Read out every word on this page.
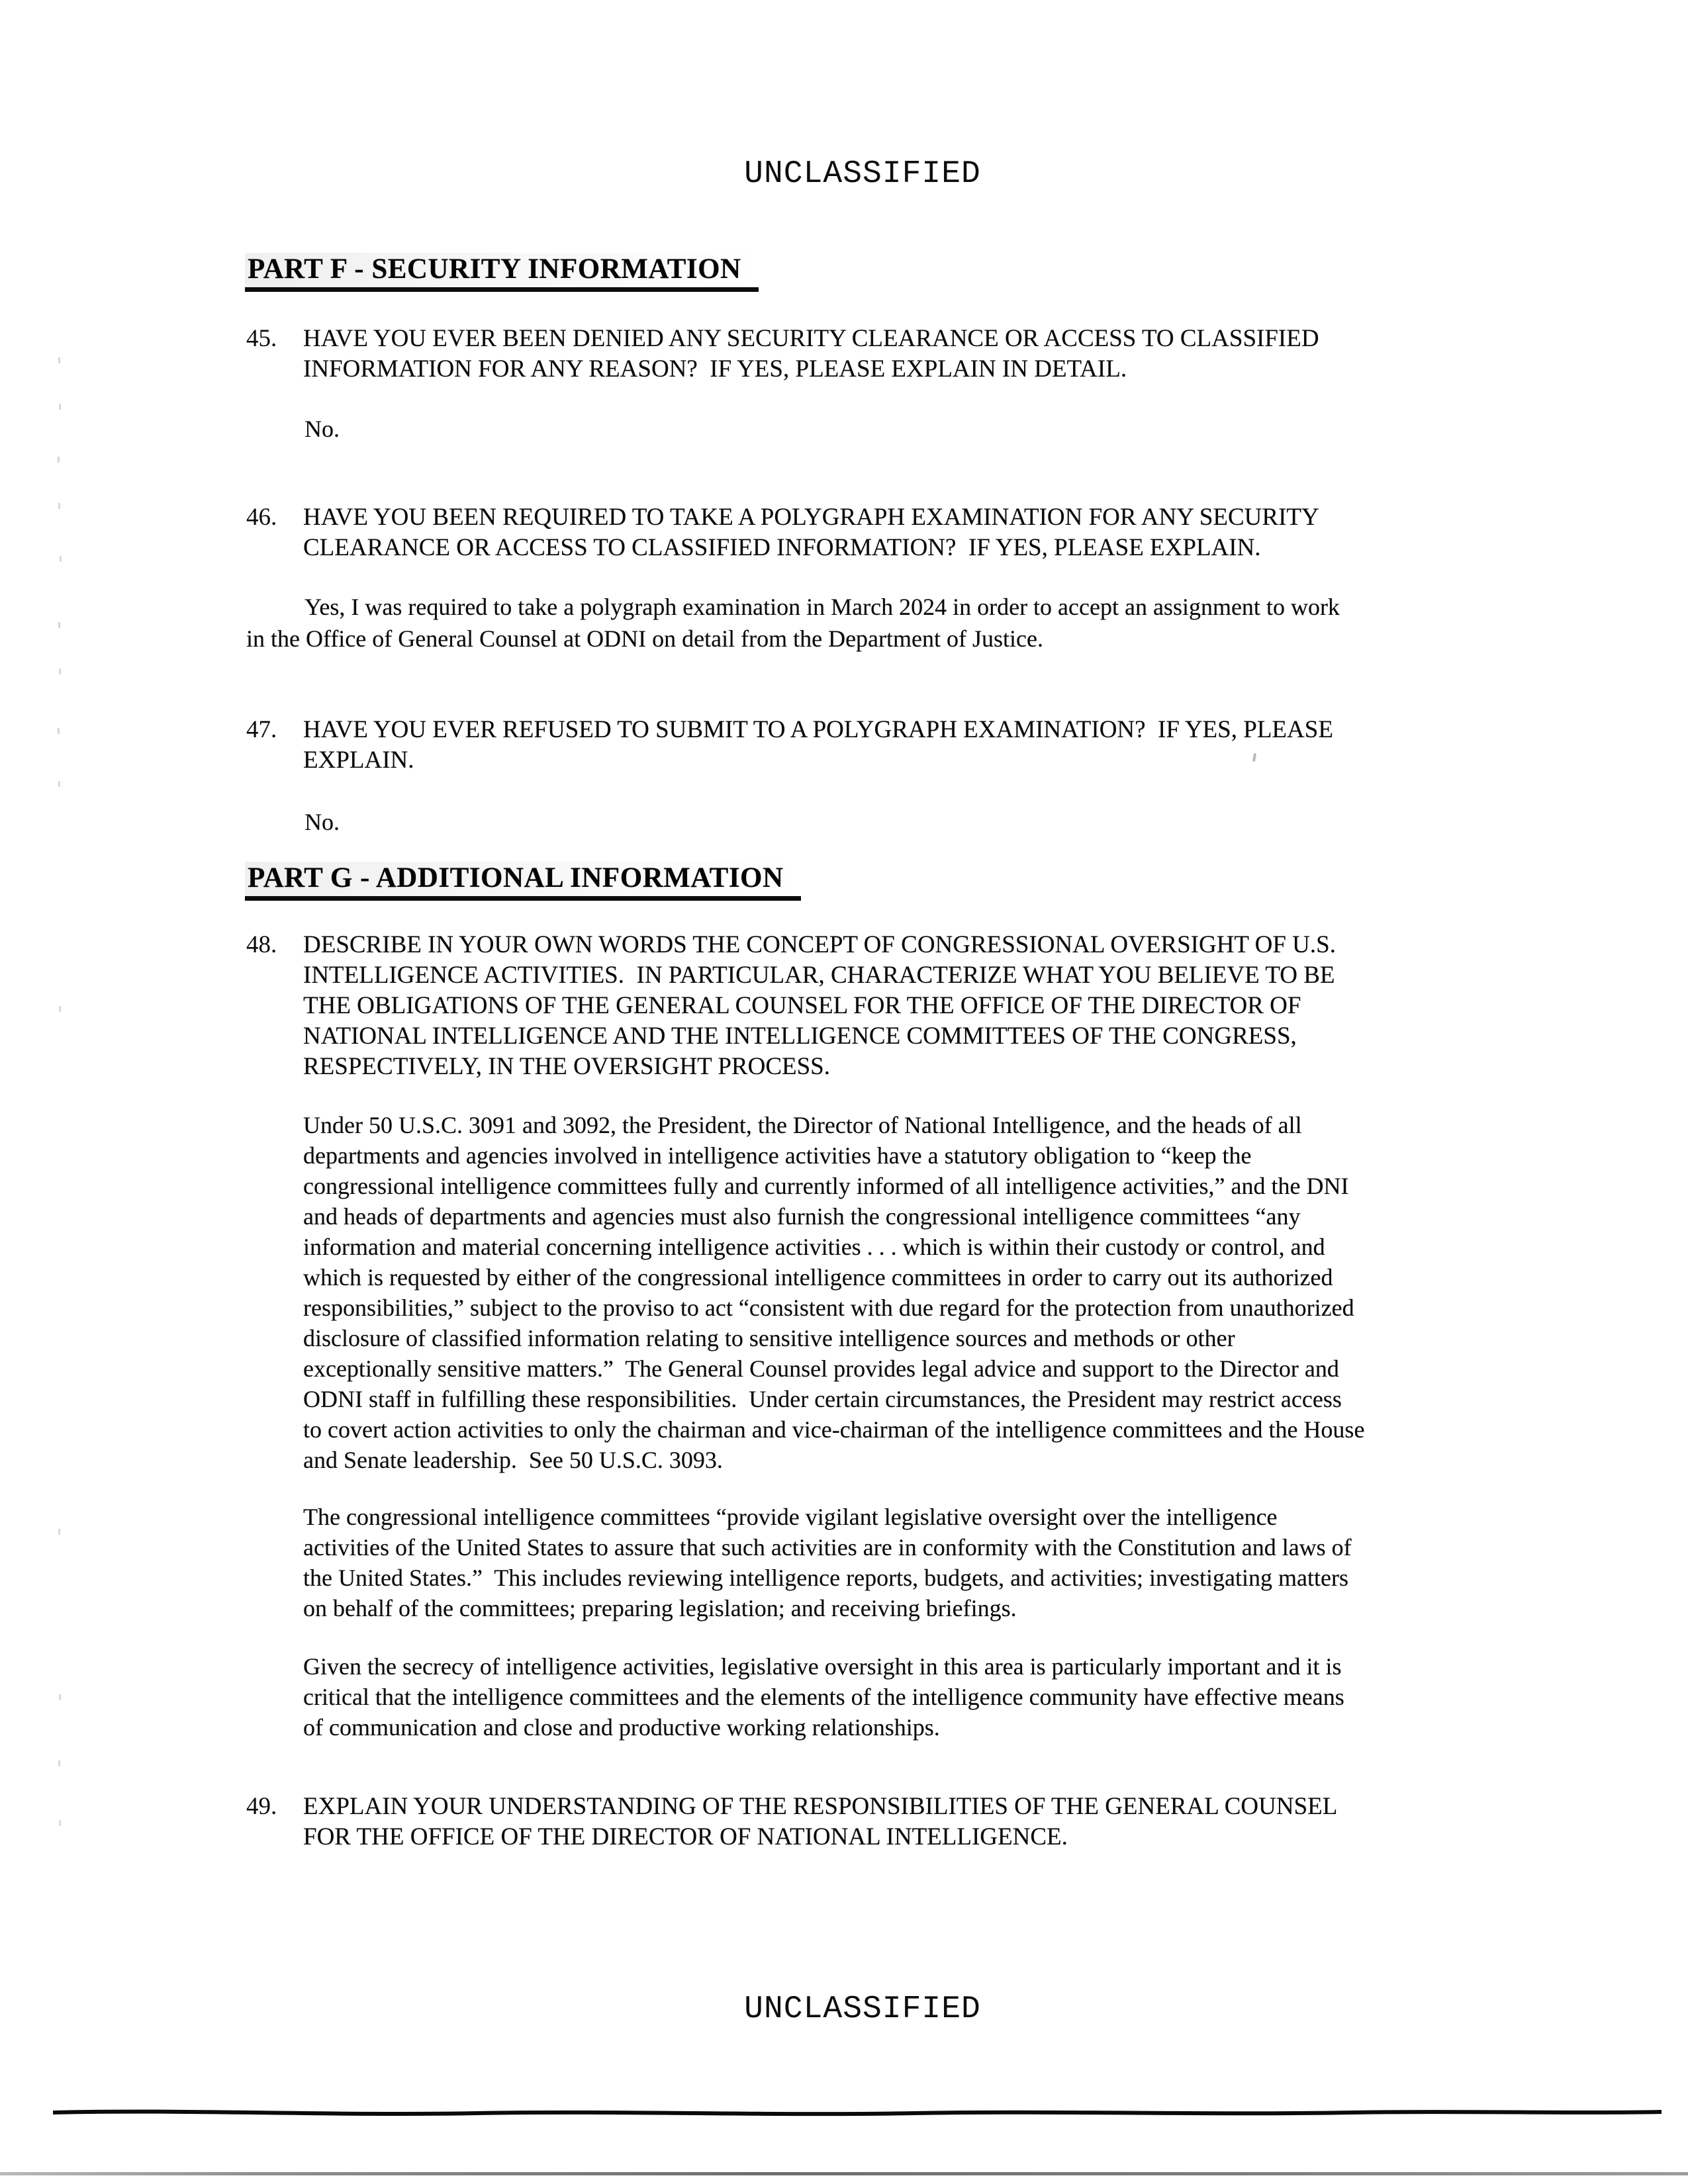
UNCLASSIFIED
PART F - SECURITY INFORMATION
45.	HAVE YOU EVER BEEN DENIED ANY SECURITY CLEARANCE OR ACCESS TO CLASSIFIED
INFORMATION FOR ANY REASON?  IF YES, PLEASE EXPLAIN IN DETAIL.
No.
46.	HAVE YOU BEEN REQUIRED TO TAKE A POLYGRAPH EXAMINATION FOR ANY SECURITY
CLEARANCE OR ACCESS TO CLASSIFIED INFORMATION?  IF YES, PLEASE EXPLAIN.
Yes, I was required to take a polygraph examination in March 2024 in order to accept an assignment to work
in the Office of General Counsel at ODNI on detail from the Department of Justice.
47.	HAVE YOU EVER REFUSED TO SUBMIT TO A POLYGRAPH EXAMINATION?  IF YES, PLEASE
EXPLAIN.
No.
PART G - ADDITIONAL INFORMATION
48.	DESCRIBE IN YOUR OWN WORDS THE CONCEPT OF CONGRESSIONAL OVERSIGHT OF U.S.
INTELLIGENCE ACTIVITIES.  IN PARTICULAR, CHARACTERIZE WHAT YOU BELIEVE TO BE
THE OBLIGATIONS OF THE GENERAL COUNSEL FOR THE OFFICE OF THE DIRECTOR OF
NATIONAL INTELLIGENCE AND THE INTELLIGENCE COMMITTEES OF THE CONGRESS,
RESPECTIVELY, IN THE OVERSIGHT PROCESS.
Under 50 U.S.C. 3091 and 3092, the President, the Director of National Intelligence, and the heads of all
departments and agencies involved in intelligence activities have a statutory obligation to “keep the
congressional intelligence committees fully and currently informed of all intelligence activities,” and the DNI
and heads of departments and agencies must also furnish the congressional intelligence committees “any
information and material concerning intelligence activities . . . which is within their custody or control, and
which is requested by either of the congressional intelligence committees in order to carry out its authorized
responsibilities,” subject to the proviso to act “consistent with due regard for the protection from unauthorized
disclosure of classified information relating to sensitive intelligence sources and methods or other
exceptionally sensitive matters.”  The General Counsel provides legal advice and support to the Director and
ODNI staff in fulfilling these responsibilities.  Under certain circumstances, the President may restrict access
to covert action activities to only the chairman and vice-chairman of the intelligence committees and the House
and Senate leadership.  See 50 U.S.C. 3093.
The congressional intelligence committees “provide vigilant legislative oversight over the intelligence
activities of the United States to assure that such activities are in conformity with the Constitution and laws of
the United States.”  This includes reviewing intelligence reports, budgets, and activities; investigating matters
on behalf of the committees; preparing legislation; and receiving briefings.
Given the secrecy of intelligence activities, legislative oversight in this area is particularly important and it is
critical that the intelligence committees and the elements of the intelligence community have effective means
of communication and close and productive working relationships.
49.	EXPLAIN YOUR UNDERSTANDING OF THE RESPONSIBILITIES OF THE GENERAL COUNSEL
FOR THE OFFICE OF THE DIRECTOR OF NATIONAL INTELLIGENCE.
UNCLASSIFIED
